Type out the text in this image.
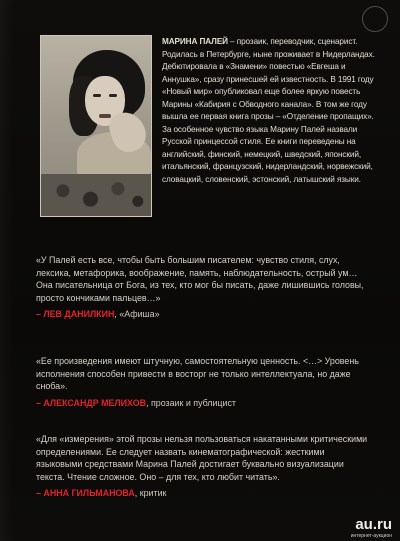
МАРИНА ПАЛЕЙ – прозаик, переводчик, сценарист. Родилась в Петербурге, ныне проживает в Нидерландах. Дебютировала в «Знамени» повестью «Евгеша и Аннушка», сразу принесшей ей известность. В 1991 году «Новый мир» опубликовал еще более яркую повесть Марины «Кабирия с Обводного канала». В том же году вышла ее первая книга прозы – «Отделение пропащих». За особенное чувство языка Марину Палей назвали Русской принцессой стиля. Ее книги переведены на английский, финский, немецкий, шведский, японский, итальянский, французский, нидерландский, норвежский, словацкий, словенский, эстонский, латышский языки.
«У Палей есть все, чтобы быть большим писателем: чувство стиля, слух, лексика, метафорика, воображение, память, наблюдательность, острый ум… Она писательница от Бога, из тех, кто мог бы писать, даже лишившись головы, просто кончиками пальцев…»
– ЛЕВ ДАНИЛКИН, «Афиша»
«Ее произведения имеют штучную, самостоятельную ценность. <…> Уровень исполнения способен привести в восторг не только интеллектуала, но даже сноба».
– АЛЕКСАНДР МЕЛИХОВ, прозаик и публицист
«Для «измерения» этой прозы нельзя пользоваться накатанными критическими определениями. Ее следует назвать кинематографической: жесткими языковыми средствами Марина Палей достигает буквально визуализации текста. Чтение сложное. Оно – для тех, кто любит читать».
– АННА ГИЛЬМАНОВА, критик
au.ru
интернет-аукцион
